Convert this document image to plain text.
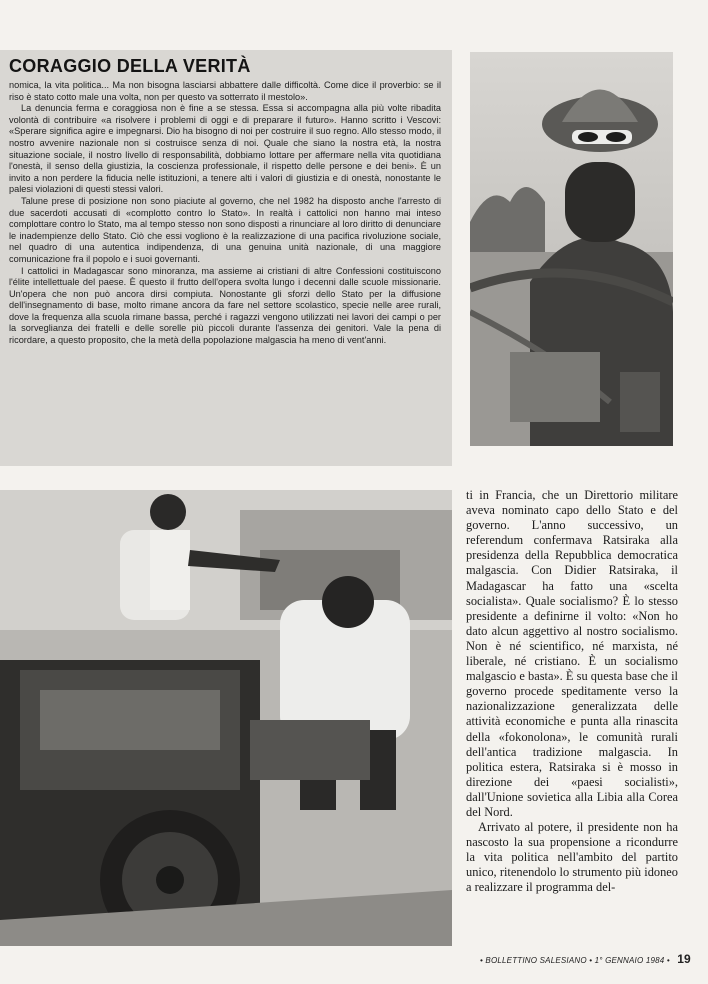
CORAGGIO DELLA VERITÀ

nomica, la vita politica... Ma non bisogna lasciarsi abbattere dalle difficoltà. Come dice il proverbio: se il riso è stato cotto male una volta, non per questo va sotterrato il mestolo».

La denuncia ferma e coraggiosa non è fine a se stessa. Essa si accompagna alla più volte ribadita volontà di contribuire «a risolvere i problemi di oggi e di preparare il futuro». Hanno scritto i Vescovi: «Sperare significa agire e impegnarsi. Dio ha bisogno di noi per costruire il suo regno. Allo stesso modo, il nostro avvenire nazionale non si costruisce senza di noi. Quale che siano la nostra età, la nostra situazione sociale, il nostro livello di responsabilità, dobbiamo lottare per affermare nella vita quotidiana l'onestà, il senso della giustizia, la coscienza professionale, il rispetto delle persone e dei beni». È un invito a non perdere la fiducia nelle istituzioni, a tenere alti i valori di giustizia e di onestà, nonostante le palesi violazioni di questi stessi valori.

Talune prese di posizione non sono piaciute al governo, che nel 1982 ha disposto anche l'arresto di due sacerdoti accusati di «complotto contro lo Stato». In realtà i cattolici non hanno mai inteso complottare contro lo Stato, ma al tempo stesso non sono disposti a rinunciare al loro diritto di denunciare le inadempienze dello Stato. Ciò che essi vogliono è la realizzazione di una pacifica rivoluzione sociale, nel quadro di una autentica indipendenza, di una genuina unità nazionale, di una maggiore comunicazione fra il popolo e i suoi governanti.

I cattolici in Madagascar sono minoranza, ma assieme ai cristiani di altre Confessioni costituiscono l'élite intellettuale del paese. È questo il frutto dell'opera svolta lungo i decenni dalle scuole missionarie. Un'opera che non può ancora dirsi compiuta. Nonostante gli sforzi dello Stato per la diffusione dell'insegnamento di base, molto rimane ancora da fare nel settore scolastico, specie nelle aree rurali, dove la frequenza alla scuola rimane bassa, perché i ragazzi vengono utilizzati nei lavori dei campi o per la sorveglianza dei fratelli e delle sorelle più piccoli durante l'assenza dei genitori. Vale la pena di ricordare, a questo proposito, che la metà della popolazione malgascia ha meno di vent'anni.

ti in Francia, che un Direttorio militare aveva nominato capo dello Stato e del governo. L'anno successivo, un referendum confermava Ratsiraka alla presidenza della Repubblica democratica malgascia. Con Didier Ratsiraka, il Madagascar ha fatto una «scelta socialista». Quale socialismo? È lo stesso presidente a definirne il volto: «Non ho dato alcun aggettivo al nostro socialismo. Non è né scientifico, né marxista, né liberale, né cristiano. È un socialismo malgascio e basta». È su questa base che il governo procede speditamente verso la nazionalizzazione generalizzata delle attività economiche e punta alla rinascita della «fokonolona», le comunità rurali dell'antica tradizione malgascia. In politica estera, Ratsiraka si è mosso in direzione dei «paesi socialisti», dall'Unione sovietica alla Libia alla Corea del Nord.

Arrivato al potere, il presidente non ha nascosto la sua propensione a ricondurre la vita politica nell'ambito del partito unico, ritenendolo lo strumento più idoneo a realizzare il programma del-

• BOLLETTINO SALESIANO • 1° GENNAIO 1984 • 19
